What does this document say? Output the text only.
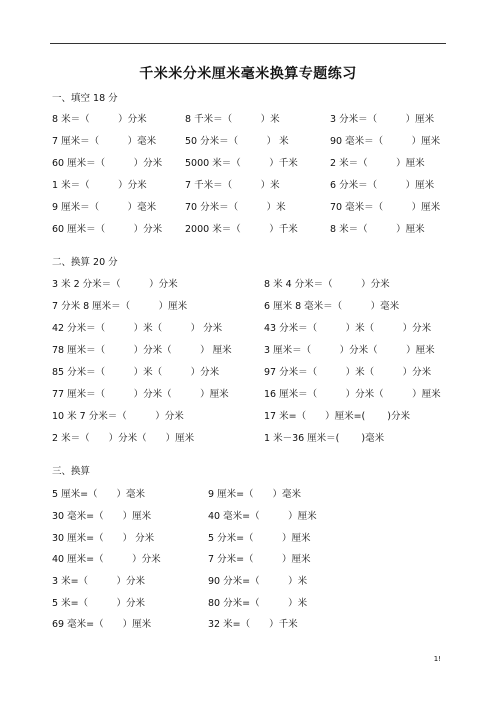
千米米分米厘米毫米换算专题练习
一、填空 18 分
8 米＝（　　　）分米	8 千米＝（　　　）米	3 分米＝（　　　）厘米
7 厘米＝（　　　）毫米	50 分米＝（　　　） 米	90 毫米＝（　　　）厘米
60 厘米＝（　　　）分米 5000 米＝（　　　）千米	2 米＝（　　　）厘米
1 米＝（　　　）分米	7 千米＝（　　　）米	6 分米＝（　　　）厘米
9 厘米＝（　　　）毫米	70 分米＝（　　　）米	70 毫米＝（　　　）厘米
60 厘米＝（　　　）分米 2000 米＝（　　　）千米	8 米＝（　　　）厘米
二、换算 20 分
3 米 2 分米＝（　　　）分米	8 米 4 分米＝（　　　）分米
7 分米 8 厘米＝（　　　）厘米	6 厘米 8 毫米＝（　　　）毫米
42 分米＝（　　　）米（　　　） 分米	43 分米＝（　　　）米（　　　）分米
78 厘米＝（　　　）分米（　　　） 厘米	3 厘米＝（　　　）分米（　　　）厘米
85 分米＝（　　　）米（　　　）分米	97 分米＝（　　　）米（　　　）分米
77 厘米＝（　　　）分米（　　　）厘米	16 厘米＝（　　　）分米（　　　）厘米
10 米 7 分米＝（　　　）分米	17 米=（　　）厘米=(　　 )分米
2 米＝（　　）分米（　　）厘米	1 米－36 厘米＝(　　 )毫米
三、换算
5 厘米=（　　）毫米	9 厘米=（　　）毫米
30 毫米=（　　）厘米	40 毫米=（　　　）厘米
30 厘米=（　　） 分米	5 分米=（　　　）厘米
40 厘米=（　　　）分米	7 分米=（　　　）厘米
3 米=（　　　）分米	90 分米=（　　　）米
5 米=（　　　）分米	80 分米=（　　　）米
69 毫米=（　　）厘米	32 米=（　　）千米
1!
